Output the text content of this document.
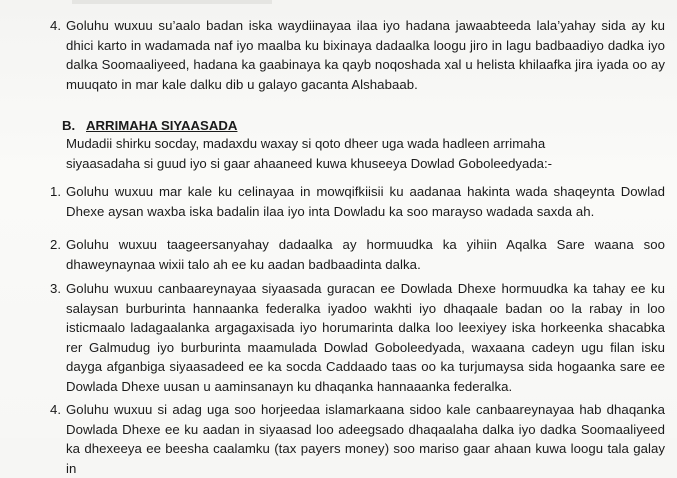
4. Goluhu wuxuu su’aalo badan iska waydiinayaa ilaa iyo hadana jawaabteeda lala’yahay sida ay ku dhici karto in wadamada naf iyo maalba ku bixinaya dadaalka loogu jiro in lagu badbaadiyo dadka iyo dalka Soomaaliyeed, hadana ka gaabinaya ka qayb noqoshada xal u helista khilaafka jira iyada oo ay muuqato in mar kale dalku dib u galayo gacanta Alshabaab.
B. ARRIMAHA SIYAASADA
Mudadii shirku socday, madaxdu waxay si qoto dheer uga wada hadleen arrimaha siyaasadaha si guud iyo si gaar ahaaneed kuwa khuseeya Dowlad Goboleedyada:-
1. Goluhu wuxuu mar kale ku celinayaa in mowqifkiisii ku aadanaa hakinta wada shaqeynta Dowlad Dhexe aysan waxba iska badalin ilaa iyo inta Dowladu ka soo marayso wadada saxda ah.
2. Goluhu wuxuu taageersanyahay dadaalka ay hormuudka ka yihiin Aqalka Sare waana soo dhaweynaynaa wixii talo ah ee ku aadan badbaadinta dalka.
3. Goluhu wuxuu canbaareynayaa siyaasada guracan ee Dowlada Dhexe hormuudka ka tahay ee ku salaysan burburinta hannaanka federalka iyadoo wakhti iyo dhaqaale badan oo la rabay in loo isticmaalo ladagaalanka argagaxisada iyo horumarinta dalka loo leexiyey iska horkeenka shacabka rer Galmudug iyo burburinta maamulada Dowlad Goboleedyada, waxaana cadeyn ugu filan isku dayga afganbiga siyaasadeed ee ka socda Caddaado taas oo ka turjumaysa sida hogaanka sare ee Dowlada Dhexe uusan u aaminsanayn ku dhaqanka hannaaanka federalka.
4. Goluhu wuxuu si adag uga soo horjeedaa islamarkaana sidoo kale canbaareynayaa hab dhaqanka Dowlada Dhexe ee ku aadan in siyaasad loo adeegsado dhaqaalaha dalka iyo dadka Soomaaliyeed ka dhexeeya ee beesha caalamku (tax payers money) soo mariso gaar ahaan kuwa loogu tala galay in
